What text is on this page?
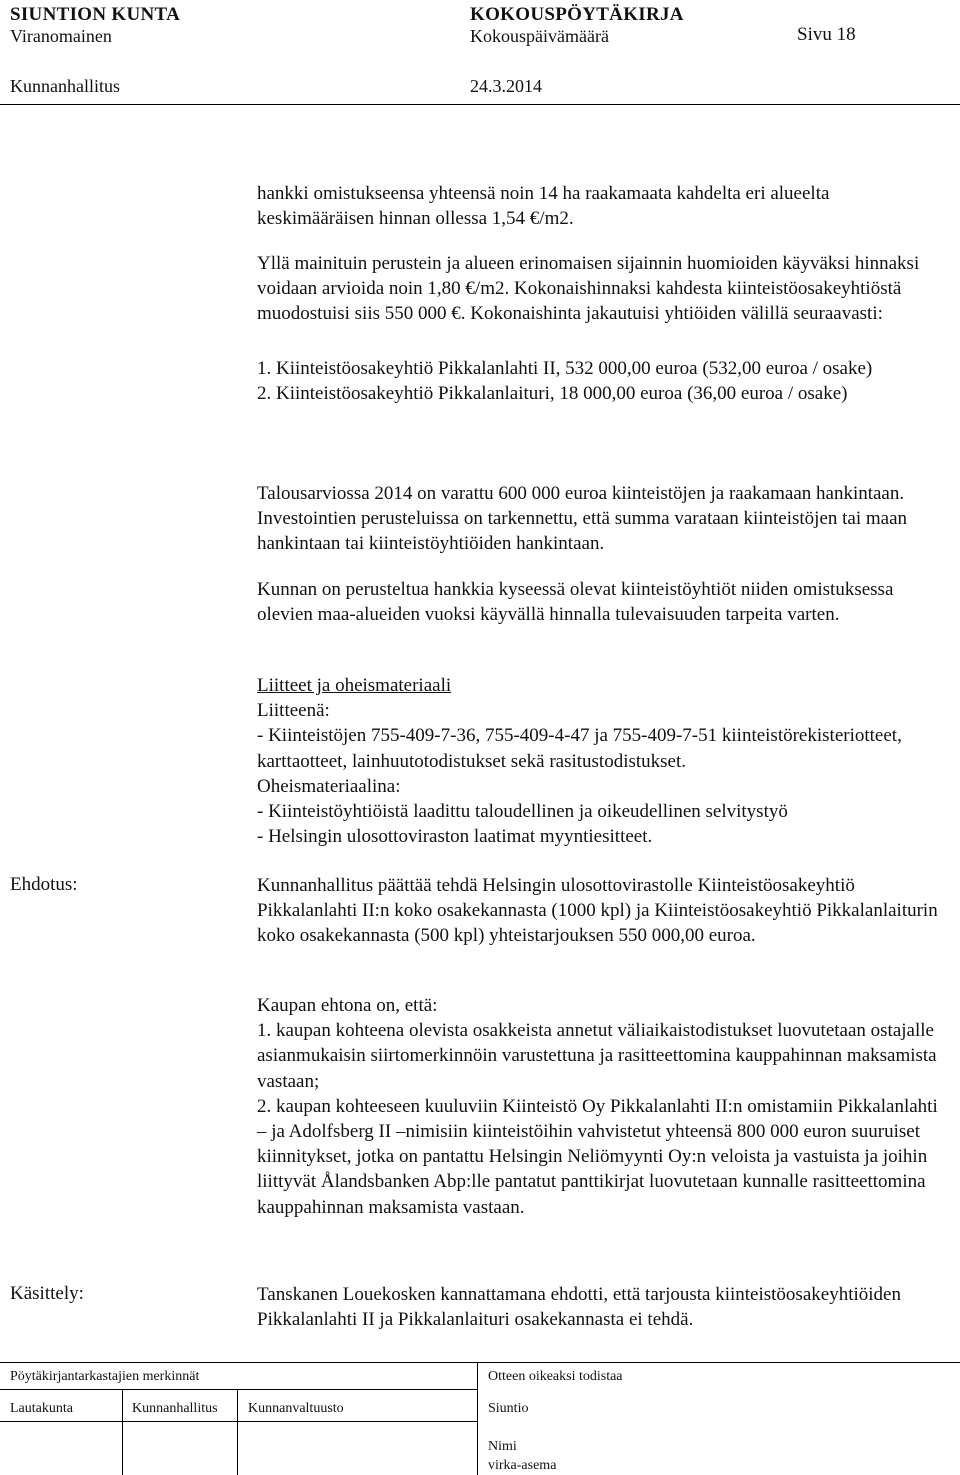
SIUNTION KUNTA	KOKOUSPÖYTÄKIRJA
Viranomainen	Kokouspäivämäärä	Sivu 18
Kunnanhallitus	24.3.2014

hankki omistukseensa yhteensä noin 14 ha raakamaata kahdelta eri alueelta keskimääräisen hinnan ollessa 1,54 €/m2.

Yllä mainituin perustein ja alueen erinomaisen sijainnin huomioiden käyväksi hinnaksi voidaan arvioida noin 1,80 €/m2. Kokonaishinnaksi kahdesta kiinteistöosakeyhtiöstä muodostuisi siis 550 000 €. Kokonaishinta jakautuisi yhtiöiden välillä seuraavasti:

1. Kiinteistöosakeyhtiö Pikkalanlahti II, 532 000,00 euroa (532,00 euroa / osake)

2. Kiinteistöosakeyhtiö Pikkalanlaituri, 18 000,00 euroa (36,00 euroa / osake)

Talousarviossa 2014 on varattu 600 000 euroa kiinteistöjen ja raakamaan hankintaan. Investointien perusteluissa on tarkennettu, että summa varataan kiinteistöjen tai maan hankintaan tai kiinteistöyhtiöiden hankintaan.

Kunnan on perusteltua hankkia kyseessä olevat kiinteistöyhtiöt niiden omistuksessa olevien maa-alueiden vuoksi käyvällä hinnalla tulevaisuuden tarpeita varten.

Liitteet ja oheismateriaali

Liitteenä:

- Kiinteistöjen 755-409-7-36, 755-409-4-47 ja 755-409-7-51 kiinteistörekisteriotteet, karttaotteet, lainhuutotodistukset sekä rasitustodistukset.

Oheismateriaalina:

- Kiinteistöyhtiöistä laadittu taloudellinen ja oikeudellinen selvitystyö

- Helsingin ulosottoviraston laatimat myyntiesitteet.

Ehdotus:	Kunnanhallitus päättää tehdä Helsingin ulosottovirastolle Kiinteistöosakeyhtiö Pikkalanlahti II:n koko osakekannasta (1000 kpl) ja Kiinteistöosakeyhtiö Pikkalanlaiturin koko osakekannasta (500 kpl) yhteistarjouksen 550 000,00 euroa.

Kaupan ehtona on, että:

1. kaupan kohteena olevista osakkeista annetut väliaikaistodistukset luovutetaan ostajalle asianmukaisin siirtomerkinnöin varustettuna ja rasitteettomina kauppahinnan maksamista vastaan;

2. kaupan kohteeseen kuuluviin Kiinteistö Oy Pikkalanlahti II:n omistamiin Pikkalanlahti – ja Adolfsberg II –nimisiin kiinteistöihin vahvistetut yhteensä 800 000 euron suuruiset kiinnitykset, jotka on pantattu Helsingin Neliömyynti Oy:n veloista ja vastuista ja joihin liittyvät Ålandsbanken Abp:lle pantatut panttikirjat luovutetaan kunnalle rasitteettomina kauppahinnan maksamista vastaan.

Käsittely:	Tanskanen Louekosken kannattamana ehdotti, että tarjousta kiinteistöosakeyhtiöiden Pikkalanlahti II ja Pikkalanlaituri osakekannasta ei tehdä.

Pöytäkirjantarkastajien merkinnät	Otteen oikeaksi todistaa
Lautakunta	Kunnanhallitus Kunnanvaltuusto	Siuntio
Nimi
virka-asema
